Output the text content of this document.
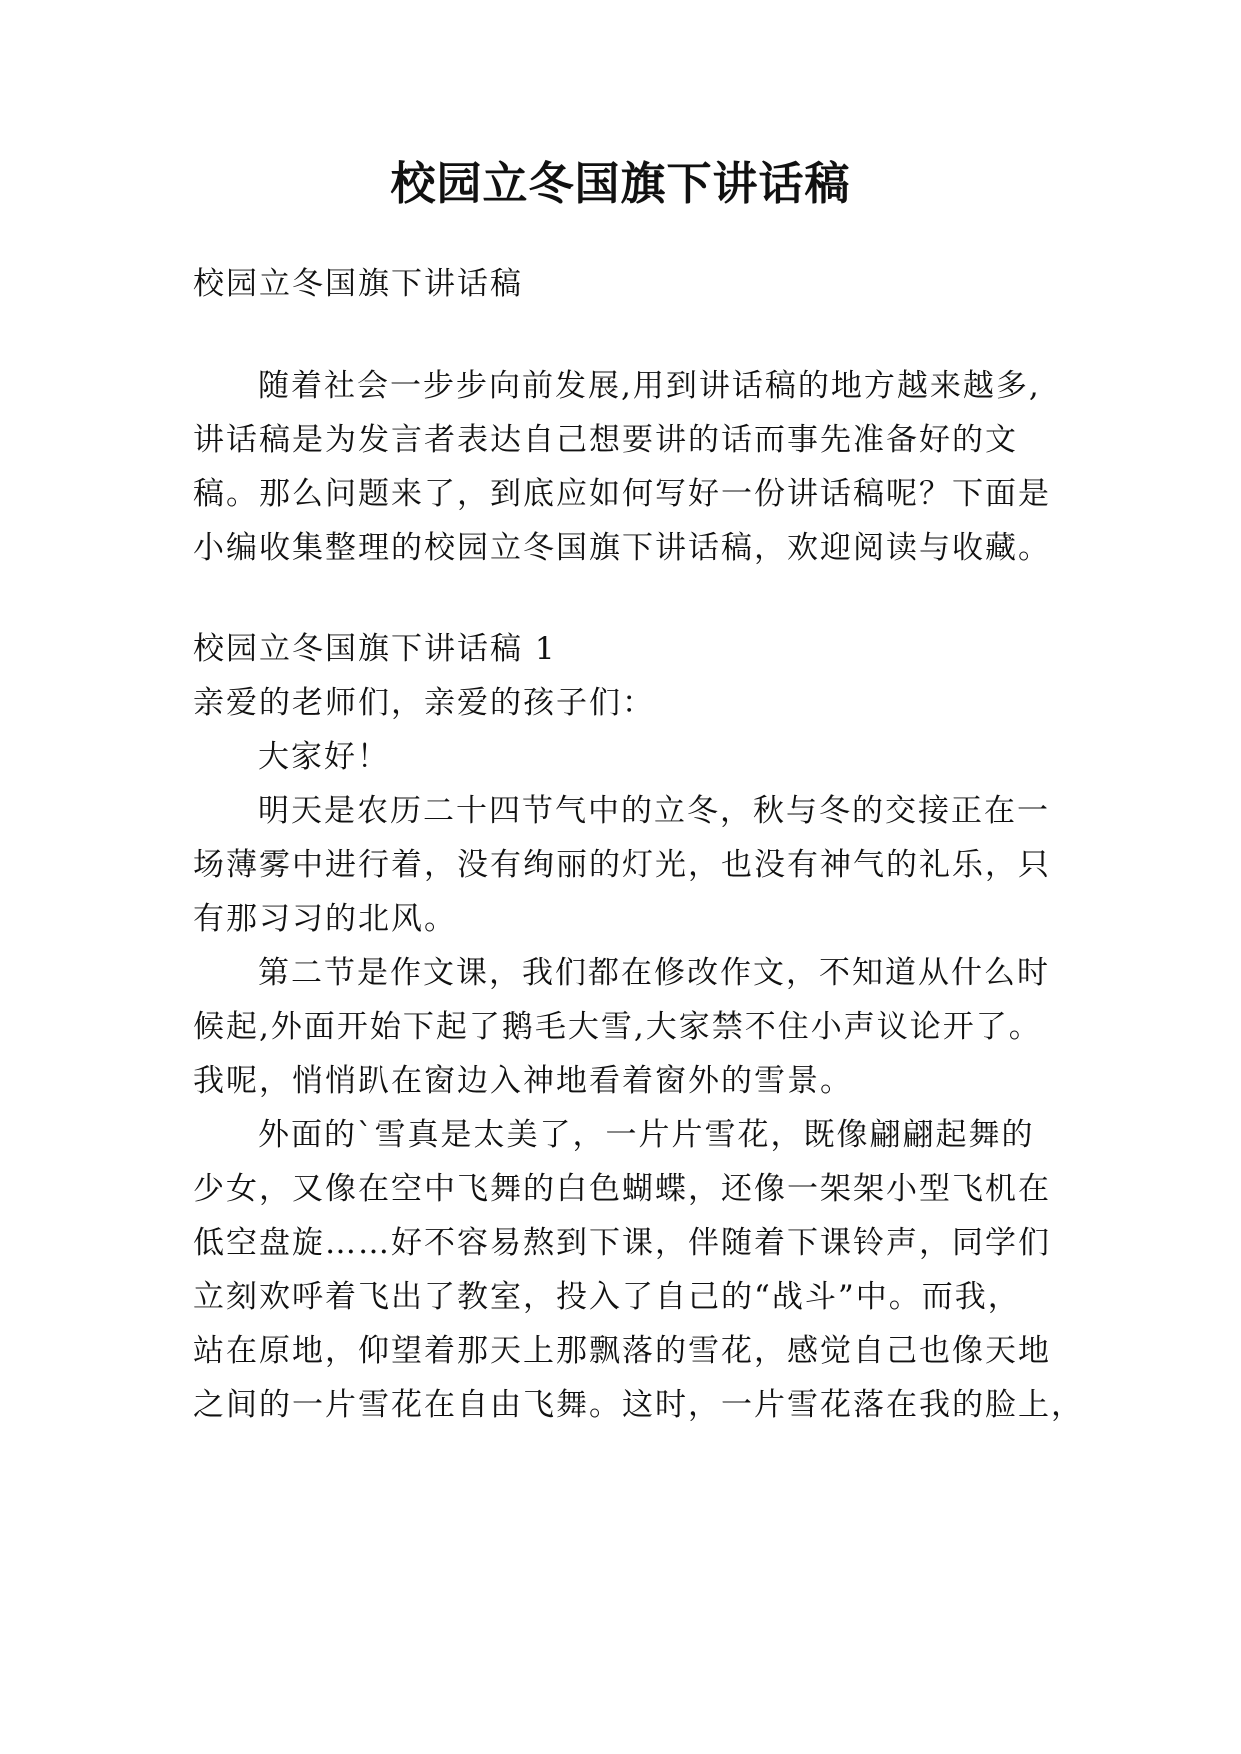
校园立冬国旗下讲话稿

校园立冬国旗下讲话稿

随着社会一步步向前发展,用到讲话稿的地方越来越多,

讲话稿是为发言者表达自己想要讲的话而事先准备好的文

稿。那么问题来了，到底应如何写好一份讲话稿呢？下面是

小编收集整理的校园立冬国旗下讲话稿，欢迎阅读与收藏。

校园立冬国旗下讲话稿 1

亲爱的老师们，亲爱的孩子们：

大家好！

明天是农历二十四节气中的立冬，秋与冬的交接正在一

场薄雾中进行着，没有绚丽的灯光，也没有神气的礼乐，只

有那习习的北风。

第二节是作文课，我们都在修改作文，不知道从什么时

候起,外面开始下起了鹅毛大雪,大家禁不住小声议论开了。

我呢，悄悄趴在窗边入神地看着窗外的雪景。

外面的`雪真是太美了，一片片雪花，既像翩翩起舞的

少女，又像在空中飞舞的白色蝴蝶，还像一架架小型飞机在

低空盘旋……好不容易熬到下课，伴随着下课铃声，同学们

立刻欢呼着飞出了教室，投入了自己的“战斗”中。而我，

站在原地，仰望着那天上那飘落的雪花，感觉自己也像天地

之间的一片雪花在自由飞舞。这时，一片雪花落在我的脸上，
